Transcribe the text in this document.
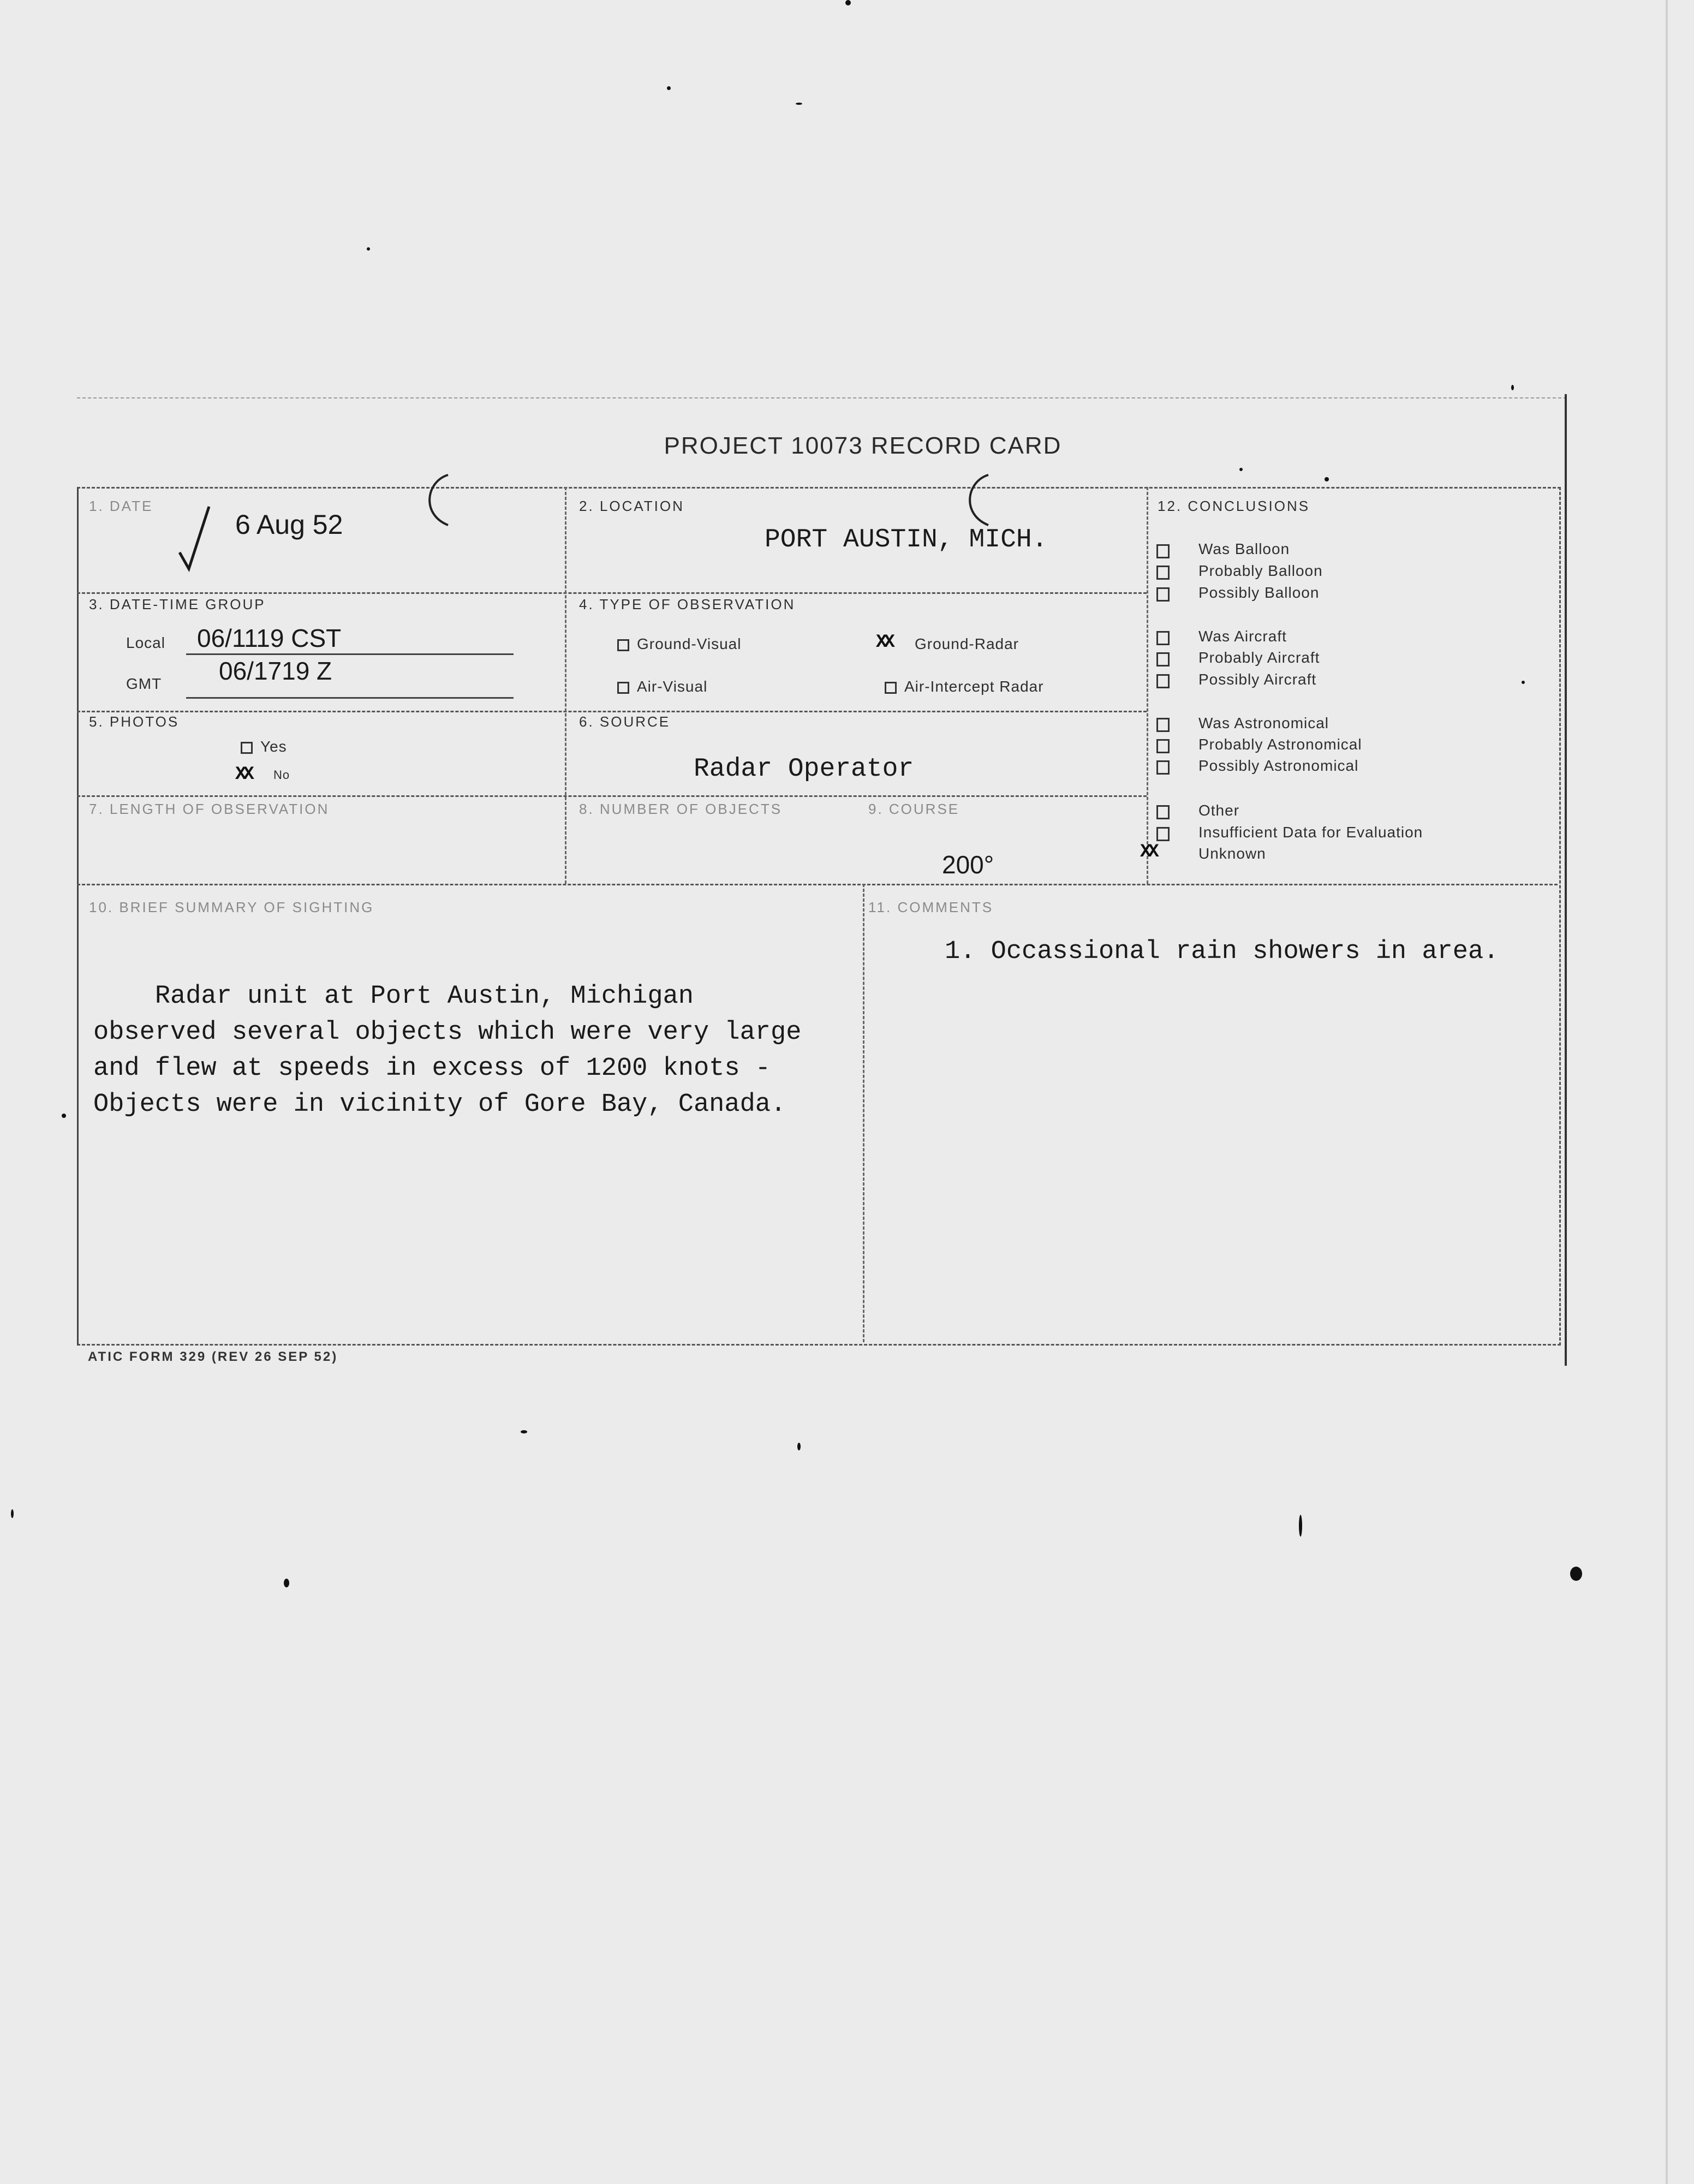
PROJECT 10073 RECORD CARD
1. DATE
6 Aug 52
2. LOCATION
PORT AUSTIN, MICH.
3. DATE-TIME GROUP
Local 06/1119 CST
GMT 06/1719 Z
4. TYPE OF OBSERVATION
Ground-Visual	XX Ground-Radar
Air-Visual	Air-Intercept Radar
5. PHOTOS
Yes
XX No
6. SOURCE
Radar Operator
7. LENGTH OF OBSERVATION	8. NUMBER OF OBJECTS	9. COURSE
200°
10. BRIEF SUMMARY OF SIGHTING

Radar unit at Port Austin, Michigan
observed several objects which were very large
and flew at speeds in excess of 1200 knots -
Objects were in vicinity of Gore Bay, Canada.
11. COMMENTS
1. Occassional rain showers in area.
12. CONCLUSIONS
Was Balloon
Probably Balloon
Possibly Balloon
Was Aircraft
Probably Aircraft
Possibly Aircraft
Was Astronomical
Probably Astronomical
Possibly Astronomical
Other
Insufficient Data for Evaluation
XX	Unknown
ATIC FORM 329 (REV 26 SEP 52)
